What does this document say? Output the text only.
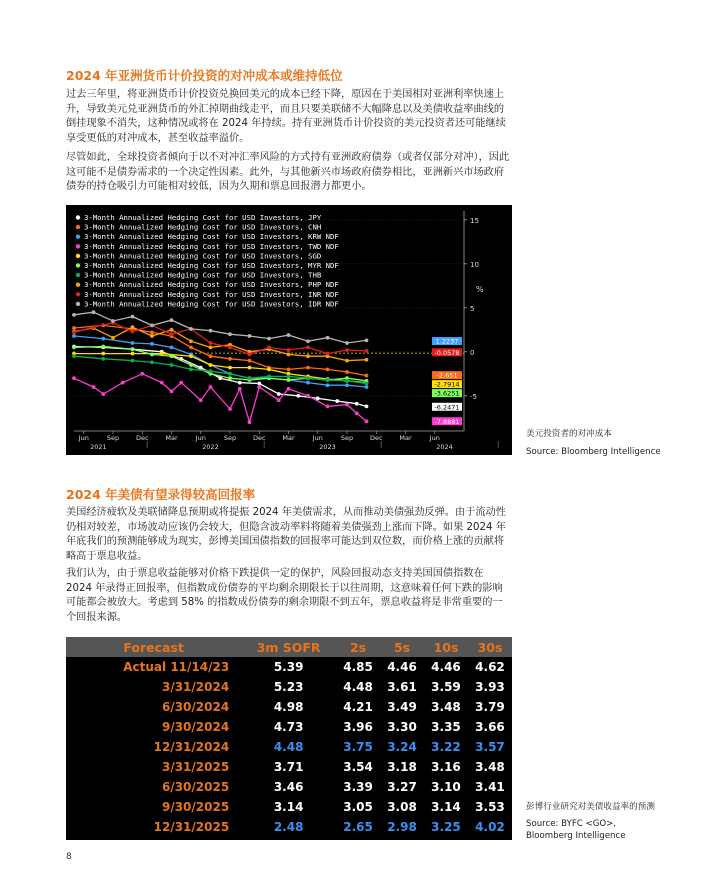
2024 年亚洲货币计价投资的对冲成本或维持低位

过去三年里，将亚洲货币计价投资兑换回美元的成本已经下降，原因在于美国相对亚洲利率快速上升，导致美元兑亚洲货币的外汇掉期曲线走平，而且只要美联储不大幅降息以及美债收益率曲线的倒挂现象不消失，这种情况或将在 2024 年持续。持有亚洲货币计价投资的美元投资者还可能继续享受更低的对冲成本，甚至收益率溢价。

尽管如此，全球投资者倾向于以不对冲汇率风险的方式持有亚洲政府债券（或者仅部分对冲），因此这可能不是债券需求的一个决定性因素。此外，与其他新兴市场政府债券相比，亚洲新兴市场政府债券的持仓吸引力可能相对较低，因为久期和票息回报潜力都更小。

-5
0
5
10
15
%
Jun	Sep	Dec	Mar	Jun	Sep	Dec	Mar	Jun	Sep	Dec	Mar	Jun
2021	2022	2023	2024
3-Month Annualized Hedging Cost for USD Investors, JPY
3-Month Annualized Hedging Cost for USD Investors, CNH
3-Month Annualized Hedging Cost for USD Investors, KRW NDF
3-Month Annualized Hedging Cost for USD Investors, TWD NDF
3-Month Annualized Hedging Cost for USD Investors, SGD
3-Month Annualized Hedging Cost for USD Investors, MYR NDF
3-Month Annualized Hedging Cost for USD Investors, THB
3-Month Annualized Hedging Cost for USD Investors, PHP NDF
3-Month Annualized Hedging Cost for USD Investors, INR NDF
3-Month Annualized Hedging Cost for USD Investors, IDR NDF
1.2237
-0.0578
-2.651
-2.7914
-3.6251
-6.2471
-7.8881

美元投资者的对冲成本

Source: Bloomberg Intelligence

2024 年美债有望录得较高回报率

美国经济疲软及美联储降息预期或将提振 2024 年美债需求，从而推动美债强劲反弹。由于流动性仍相对较差，市场波动应该仍会较大，但隐含波动率料将随着美债强劲上涨而下降。如果 2024 年年底我们的预测能够成为现实，彭博美国国债指数的回报率可能达到双位数，而价格上涨的贡献将略高于票息收益。

我们认为，由于票息收益能够对价格下跌提供一定的保护，风险回报动态支持美国国债指数在 2024 年录得正回报率，但指数成份债券的平均剩余期限长于以往周期，这意味着任何下跌的影响可能都会被放大。考虑到 58% 的指数成份债券的剩余期限不到五年，票息收益将是非常重要的一个回报来源。

Forecast	3m SOFR	2s	5s	10s	30s
Actual 11/14/23	5.39	4.85	4.46	4.46	4.62
3/31/2024	5.23	4.48	3.61	3.59	3.93
6/30/2024	4.98	4.21	3.49	3.48	3.79
9/30/2024	4.73	3.96	3.30	3.35	3.66
12/31/2024	4.48	3.75	3.24	3.22	3.57
3/31/2025	3.71	3.54	3.18	3.16	3.48
6/30/2025	3.46	3.39	3.27	3.10	3.41
9/30/2025	3.14	3.05	3.08	3.14	3.53
12/31/2025	2.48	2.65	2.98	3.25	4.02

彭博行业研究对美债收益率的预测

Source: BYFC <GO>,

Bloomberg Intelligence

8
